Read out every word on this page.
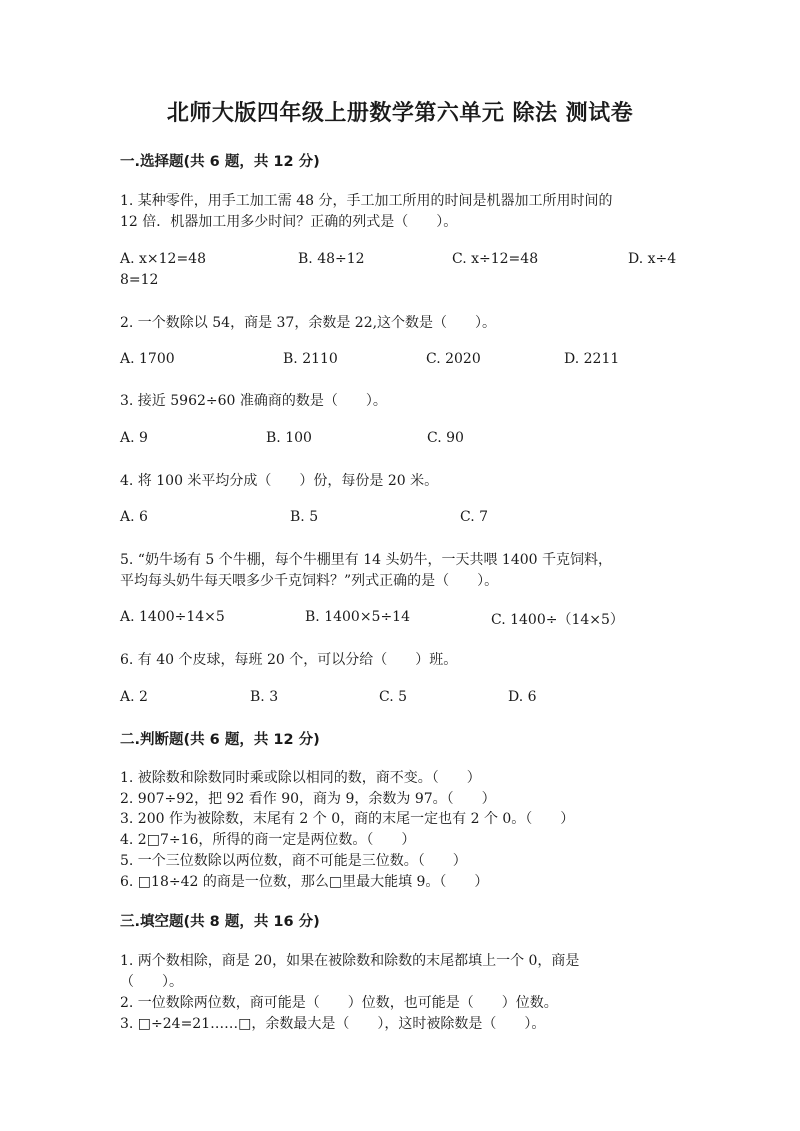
北师大版四年级上册数学第六单元 除法 测试卷
一.选择题(共 6 题，共 12 分)
1. 某种零件，用手工加工需 48 分，手工加工所用的时间是机器加工所用时间的
12 倍．机器加工用多少时间？正确的列式是（　　）。
A. x×12=48	B. 48÷12	C. x÷12=48	D. x÷4
8=12
2. 一个数除以 54，商是 37，余数是 22,这个数是（　　）。
A. 1700	B. 2110	C. 2020	D. 2211
3. 接近 5962÷60 准确商的数是（　　）。
A. 9	B. 100	C. 90
4. 将 100 米平均分成（　　）份，每份是 20 米。
A. 6	B. 5	C. 7
5. “奶牛场有 5 个牛棚，每个牛棚里有 14 头奶牛，一天共喂 1400 千克饲料，
平均每头奶牛每天喂多少千克饲料？”列式正确的是（　　）。
A. 1400÷14×5	B. 1400×5÷14	C. 1400÷（14×5）
6. 有 40 个皮球，每班 20 个，可以分给（　　）班。
A. 2	B. 3	C. 5	D. 6
二.判断题(共 6 题，共 12 分)
1. 被除数和除数同时乘或除以相同的数，商不变。（　　）
2. 907÷92，把 92 看作 90，商为 9，余数为 97。（　　）
3. 200 作为被除数，末尾有 2 个 0，商的末尾一定也有 2 个 0。（　　）
4. 2□7÷16，所得的商一定是两位数。（　　）
5. 一个三位数除以两位数，商不可能是三位数。（　　）
6. □18÷42 的商是一位数，那么□里最大能填 9。（　　）
三.填空题(共 8 题，共 16 分)
1. 两个数相除，商是 20，如果在被除数和除数的末尾都填上一个 0，商是
（　　）。
2. 一位数除两位数，商可能是（　　）位数，也可能是（　　）位数。
3. □÷24=21……□，余数最大是（　　），这时被除数是（　　）。
